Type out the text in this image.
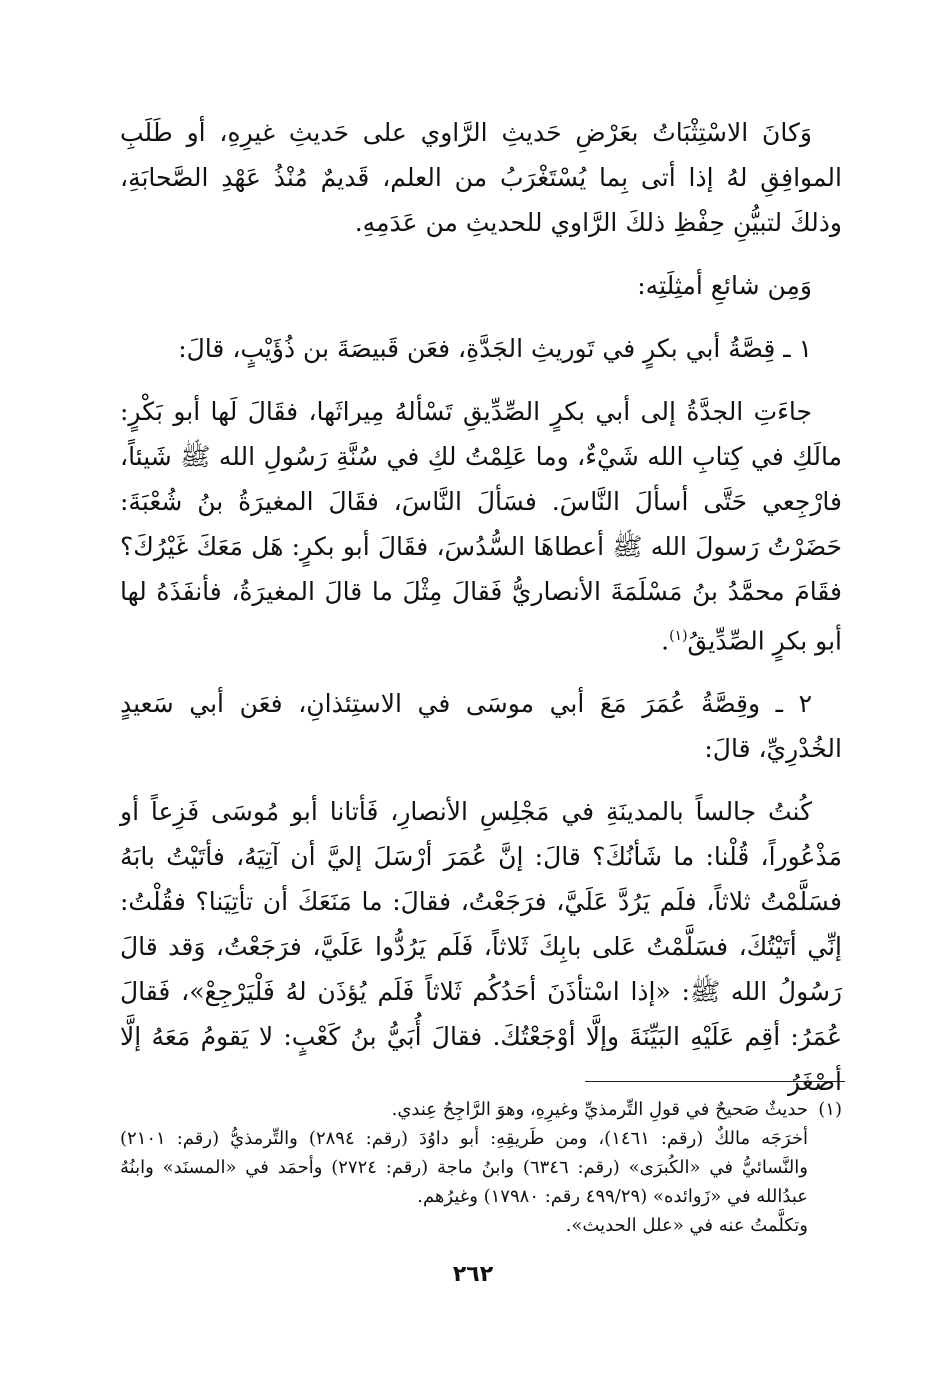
وَكانَ الاسْتِثْبَاتُ بعَرْضِ حَديثِ الرَّاوي على حَديثِ غيرِهِ، أو طَلَبِ الموافِقِ لهُ إذا أتى بِما يُسْتَغْرَبُ من العلم، قَديمٌ مُنْذُ عَهْدِ الصَّحابَةِ، وذلكَ لتبيُّنِ حِفْظِ ذلكَ الرَّاوي للحديثِ من عَدَمِهِ.

وَمِن شائعِ أمثِلَتِه:

١ ـ قِصَّةُ أبي بكرٍ في تَوريثِ الجَدَّةِ، فعَن قَبيصَةَ بن ذُؤَيْبٍ، قالَ:

جاءَتِ الجدَّةُ إلى أبي بكرٍ الصِّدِّيقِ تَسْألهُ مِيراثَها، فقَالَ لَها أبو بَكْرٍ: مالَكِ في كِتابِ الله شَيْءٌ، وما عَلِمْتُ لكِ في سُنَّةِ رَسُولِ الله ﷺ شَيئاً، فارْجِعي حَتَّى أسألَ النَّاسَ. فسَألَ النَّاسَ، فقَالَ المغيرَةُ بنُ شُعْبَةَ: حَضَرْتُ رَسولَ الله ﷺ أعطاهَا السُّدُسَ، فقَالَ أبو بكرٍ: هَل مَعَكَ غَيْرُكَ؟ فقَامَ محمَّدُ بنُ مَسْلَمَةَ الأنصاريُّ فَقالَ مِثْلَ ما قالَ المغيرَةُ، فأنفَذَهُ لها أبو بكرٍ الصِّدِّيقُ$^{(١)}$.

٢ ـ وقِصَّةُ عُمَرَ مَعَ أبي موسَى في الاستِئذانِ، فعَن أبي سَعيدٍ الخُدْرِيِّ، قالَ:

كُنتُ جالساً بالمدينَةِ في مَجْلِسِ الأنصارِ، فَأتانا أبو مُوسَى فَزِعاً أو مَذْعُوراً، قُلْنا: ما شَأنُكَ؟ قالَ: إنَّ عُمَرَ أرْسَلَ إليَّ أن آتِيَهُ، فأتَيْتُ بابَهُ فسَلَّمْتُ ثلاثاً، فلَم يَرُدَّ عَلَيَّ، فرَجَعْتُ، فقالَ: ما مَنَعَكَ أن تأتِيَنا؟ فقُلْتُ: إنِّي أتَيْتُكَ، فسَلَّمْتُ عَلى بابِكَ ثَلاثاً، فَلَم يَرُدُّوا عَلَيَّ، فرَجَعْتُ، وَقد قالَ رَسُولُ الله ﷺ: «إذا اسْتأذَنَ أحَدُكُم ثَلاثاً فَلَم يُؤذَن لهُ فَلْيَرْجِعْ»، فَقالَ عُمَرُ: أقِم عَلَيْهِ البَيِّنَةَ وإلَّا أوْجَعْتُكَ. فقالَ أُبَيُّ بنُ كَعْبٍ: لا يَقومُ مَعَهُ إلَّا أصْغَرُ

(١)حديثٌ صَحيحٌ في قولِ التِّرمذيِّ وغيرِهِ، وهوَ الرَّاجِحُ عِندي.
أخرَجَه مالكٌ (رقم: ١٤٦١)، ومن طَريقِهِ: أبو داوُدَ (رقم: ٢٨٩٤) والتِّرمذيُّ (رقم: ٢١٠١) والنَّسائيُّ في «الكُبرَى» (رقم: ٦٣٤٦) وابنُ ماجة (رقم: ٢٧٢٤) وأحمَد في «المسنَد» وابنُهُ عبدُالله في «زَوائده» (٤٩٩/٢٩ رقم: ١٧٩٨٠) وغيرُهم.
وتكلَّمتُ عنه في «علل الحديث».
٢٦٢
